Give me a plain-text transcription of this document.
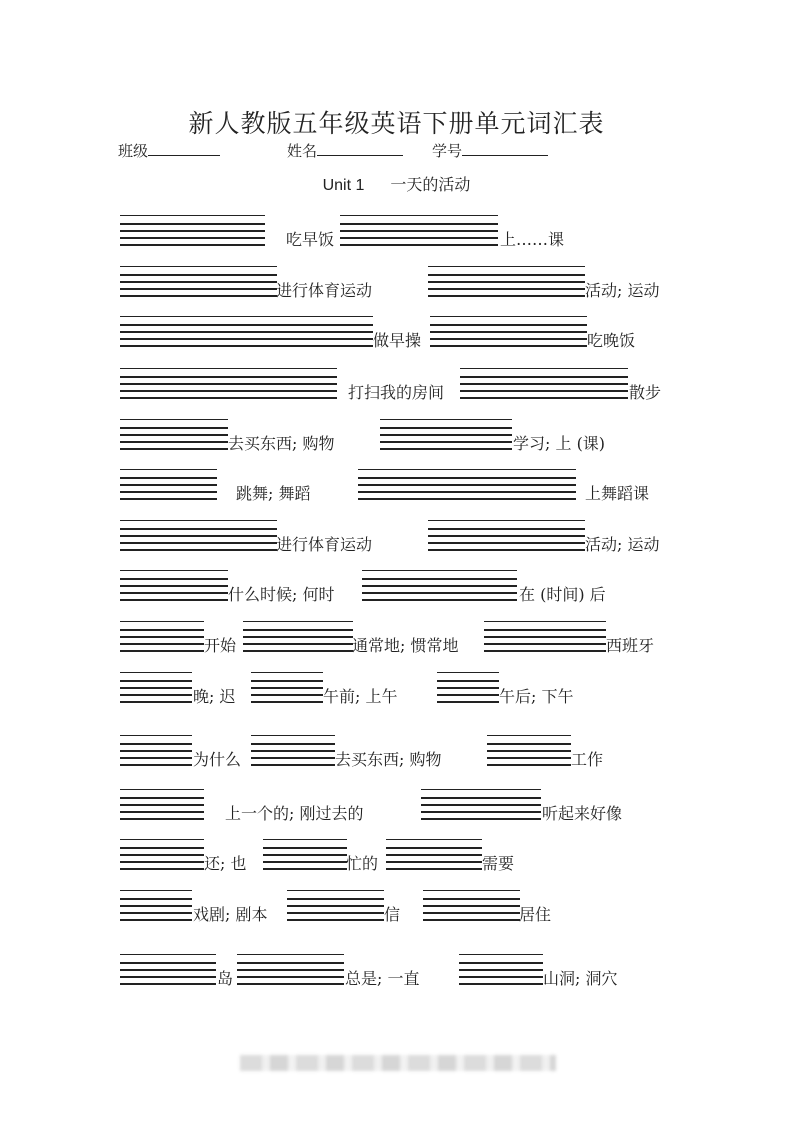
新人教版五年级英语下册单元词汇表
班级	姓名	学号
Unit 1 一天的活动
吃早饭	上……课
进行体育运动	活动; 运动
做早操	吃晚饭
打扫我的房间	散步
去买东西; 购物	学习; 上 (课)
跳舞; 舞蹈	上舞蹈课
进行体育运动	活动; 运动
什么时候; 何时	在 (时间) 后
开始	通常地; 惯常地	西班牙
晚; 迟	午前; 上午	午后; 下午
为什么	去买东西; 购物	工作
上一个的; 刚过去的	听起来好像
还; 也	忙的	需要
戏剧; 剧本	信	居住
岛	总是; 一直	山洞; 洞穴
